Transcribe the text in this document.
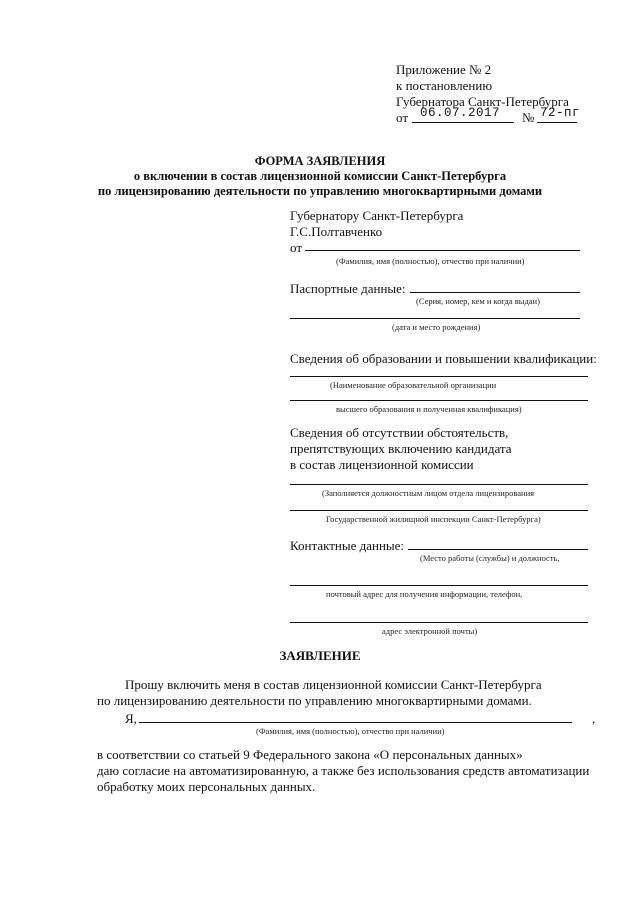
Приложение № 2
к постановлению
Губернатора Санкт-Петербурга
от 06.07.2017 № 72-пг
ФОРМА ЗАЯВЛЕНИЯ
о включении в состав лицензионной комиссии Санкт-Петербурга
по лицензированию деятельности по управлению многоквартирными домами
Губернатору Санкт-Петербурга
Г.С.Полтавченко
от
(Фамилия, имя (полностью), отчество при наличии)
Паспортные данные:
(Серия, номер, кем и когда выдан)
(дата и место рождения)
Сведения об образовании и повышении квалификации:
(Наименование образовательной организации
высшего образования и полученная квалификация)
Сведения об отсутствии обстоятельств,
препятствующих включению кандидата
в состав лицензионной комиссии
(Заполняется должностным лицом отдела лицензирования
Государственной жилищной инспекции Санкт-Петербурга)
Контактные данные:
(Место работы (службы) и должность,
почтовый адрес для получения информации, телефон,
адрес электронной почты)
ЗАЯВЛЕНИЕ
Прошу включить меня в состав лицензионной комиссии Санкт-Петербурга
по лицензированию деятельности по управлению многоквартирными домами.
Я,	,
(Фамилия, имя (полностью), отчество при наличии)
в соответствии со статьей 9 Федерального закона «О персональных данных»
даю согласие на автоматизированную, а также без использования средств автоматизации
обработку моих персональных данных.
